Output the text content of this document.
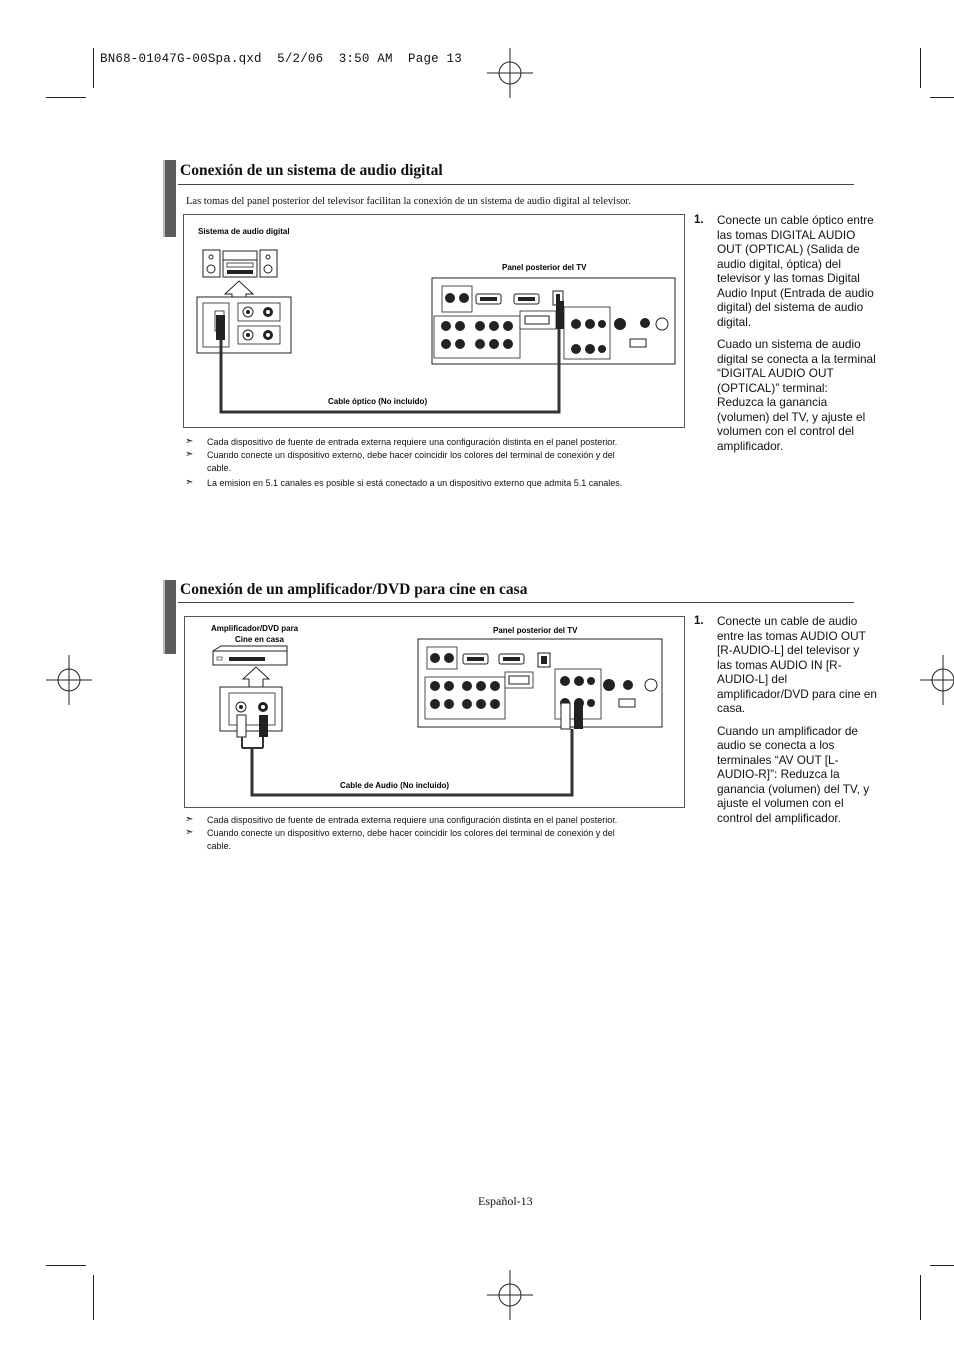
BN68-01047G-00Spa.qxd  5/2/06  3:50 AM  Page 13
Conexión de un sistema de audio digital
Las tomas del panel posterior del televisor facilitan la conexión de un sistema de audio digital al televisor.
Sistema de audio digital
Panel posterior del TV
Cable óptico (No incluido)
1. Conecte un cable óptico entre las tomas DIGITAL AUDIO OUT (OPTICAL) (Salida de audio digital, óptica) del televisor y las tomas Digital Audio Input (Entrada de audio digital) del sistema de audio digital.

Cuado un sistema de audio digital se conecta a la terminal “DIGITAL AUDIO OUT (OPTICAL)” terminal: Reduzca la ganancia (volumen) del TV, y ajuste el volumen con el control del amplificador.

➣ Cada dispositivo de fuente de entrada externa requiere una configuración distinta en el panel posterior.
➣ Cuando conecte un dispositivo externo, debe hacer coincidir los colores del terminal de conexión y del cable.
➣ La emision en 5.1 canales es posible si está conectado a un dispositivo externo que admita 5.1 canales.
Conexión de un amplificador/DVD para cine en casa
Amplificador/DVD para Cine en casa
Panel posterior del TV
Cable de Audio (No incluido)
1. Conecte un cable de audio entre las tomas AUDIO OUT [R-AUDIO-L] del televisor y las tomas AUDIO IN [R-AUDIO-L] del amplificador/DVD para cine en casa.

Cuando un amplificador de audio se conecta a los terminales “AV OUT [L-AUDIO-R]”: Reduzca la ganancia (volumen) del TV, y ajuste el volumen con el control del amplificador.

➣ Cada dispositivo de fuente de entrada externa requiere una configuración distinta en el panel posterior.
➣ Cuando conecte un dispositivo externo, debe hacer coincidir los colores del terminal de conexión y del cable.
Español-13
